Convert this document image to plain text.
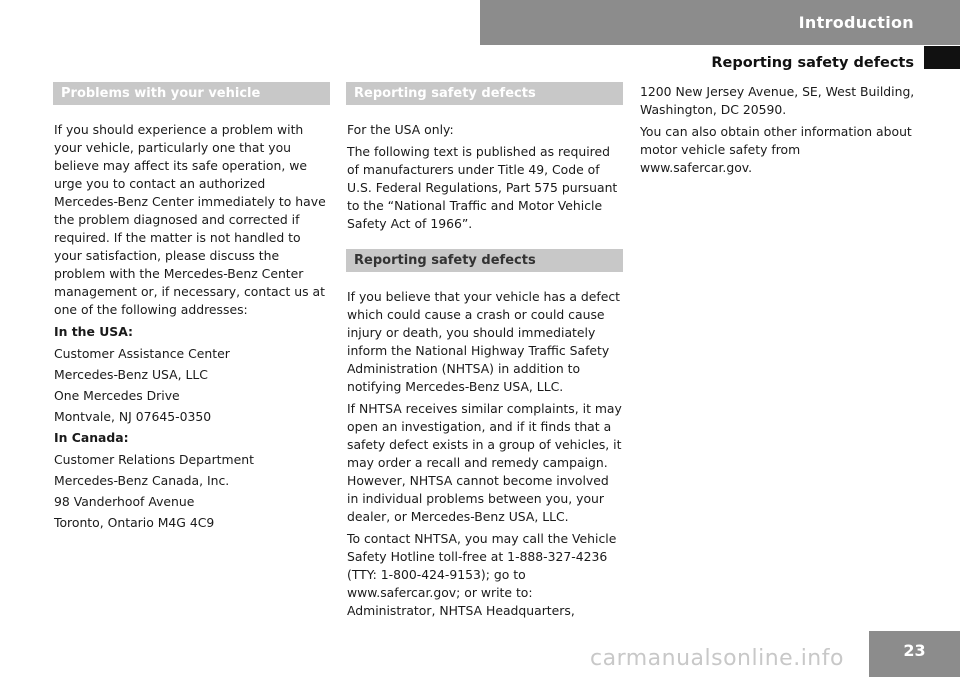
Introduction
Reporting safety defects
Problems with your vehicle

If you should experience a problem with your vehicle, particularly one that you believe may affect its safe operation, we urge you to contact an authorized Mercedes-Benz Center immediately to have the problem diagnosed and corrected if required. If the matter is not handled to your satisfaction, please discuss the problem with the Mercedes-Benz Center management or, if necessary, contact us at one of the following addresses:

In the USA:

Customer Assistance Center

Mercedes-Benz USA, LLC

One Mercedes Drive

Montvale, NJ 07645-0350

In Canada:

Customer Relations Department

Mercedes-Benz Canada, Inc.

98 Vanderhoof Avenue

Toronto, Ontario M4G 4C9

Reporting safety defects

For the USA only:

The following text is published as required of manufacturers under Title 49, Code of U.S. Federal Regulations, Part 575 pursuant to the “National Traffic and Motor Vehicle Safety Act of 1966”.

Reporting safety defects

If you believe that your vehicle has a defect which could cause a crash or could cause injury or death, you should immediately inform the National Highway Traffic Safety Administration (NHTSA) in addition to notifying Mercedes-Benz USA, LLC.

If NHTSA receives similar complaints, it may open an investigation, and if it finds that a safety defect exists in a group of vehicles, it may order a recall and remedy campaign. However, NHTSA cannot become involved in individual problems between you, your dealer, or Mercedes-Benz USA, LLC.

To contact NHTSA, you may call the Vehicle Safety Hotline toll-free at 1-888-327-4236 (TTY: 1-800-424-9153); go to www.safercar.gov; or write to: Administrator, NHTSA Headquarters,

1200 New Jersey Avenue, SE, West Building, Washington, DC 20590.

You can also obtain other information about motor vehicle safety from www.safercar.gov.

carmanualsonline.info	23
